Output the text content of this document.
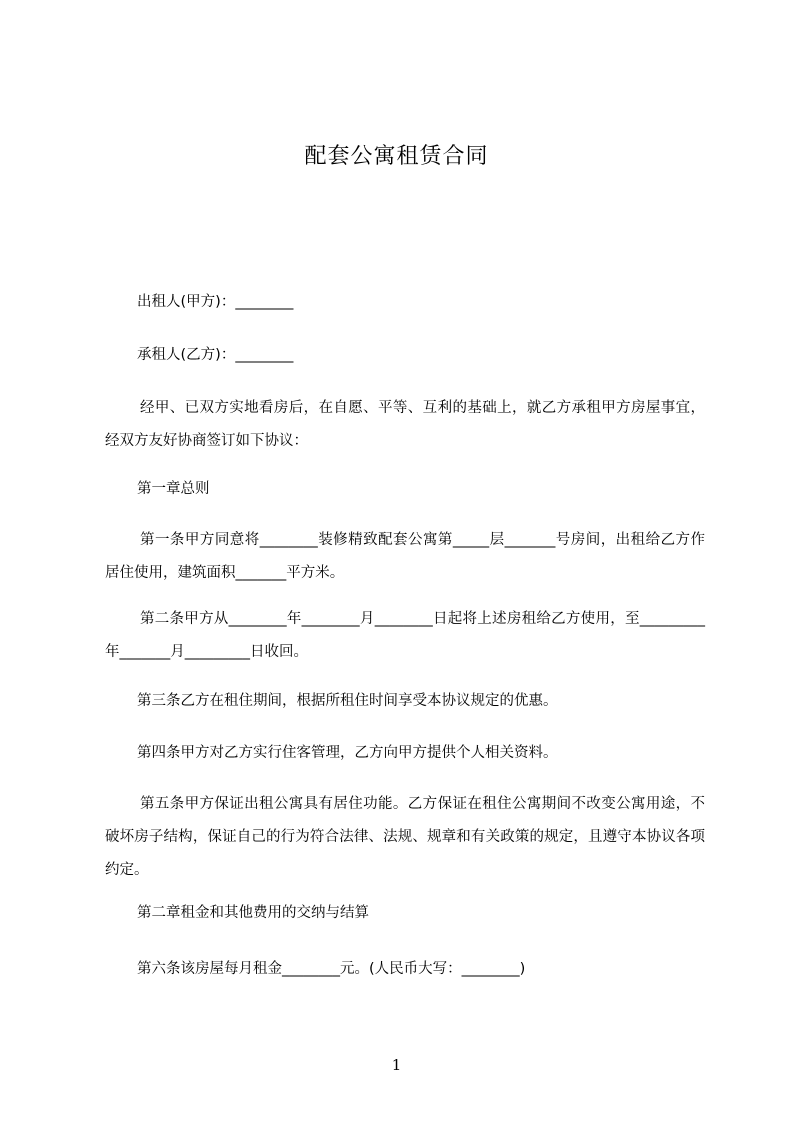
配套公寓租赁合同
出租人(甲方)：________
承租人(乙方)：________
经甲、已双方实地看房后，在自愿、平等、互利的基础上，就乙方承租甲方房屋事宜，经双方友好协商签订如下协议：
第一章总则
第一条甲方同意将________装修精致配套公寓第_____层_______号房间，出租给乙方作居住使用，建筑面积_______平方米。
第二条甲方从________年________月________日起将上述房租给乙方使用，至_________年_______月_________日收回。
第三条乙方在租住期间，根据所租住时间享受本协议规定的优惠。
第四条甲方对乙方实行住客管理，乙方向甲方提供个人相关资料。
第五条甲方保证出租公寓具有居住功能。乙方保证在租住公寓期间不改变公寓用途，不破坏房子结构，保证自己的行为符合法律、法规、规章和有关政策的规定，且遵守本协议各项约定。
第二章租金和其他费用的交纳与结算
第六条该房屋每月租金________元。(人民币大写：________)
1
